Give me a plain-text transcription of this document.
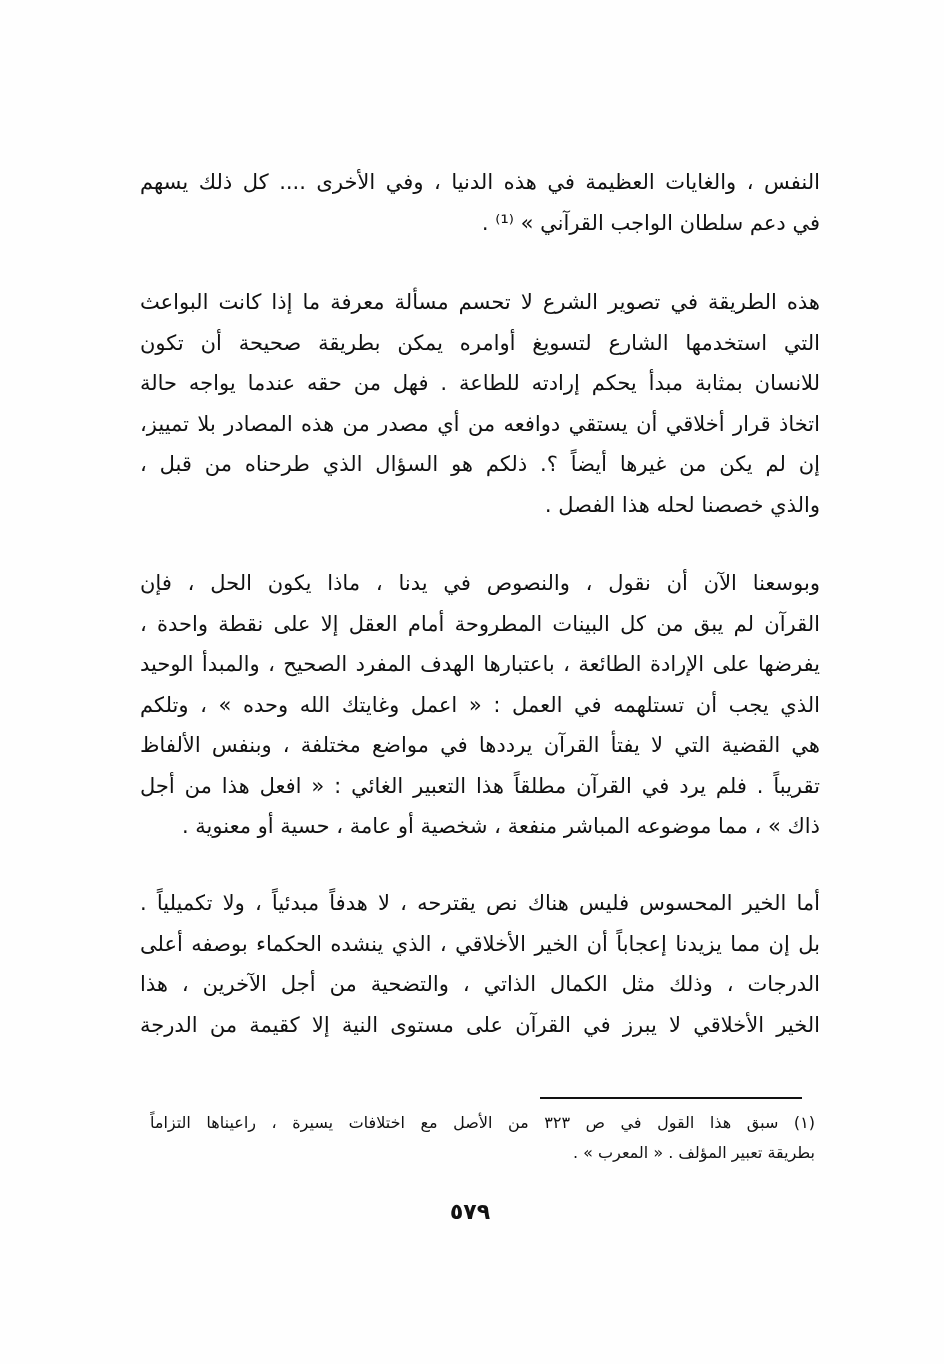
النفس ، والغايات العظيمة في هذه الدنيا ، وفي الأخرى .... كل ذلك يسهم
في دعم سلطان الواجب القرآني » ⁽¹⁾ .
هذه الطريقة في تصوير الشرع لا تحسم مسألة معرفة ما إذا كانت البواعث
التي استخدمها الشارع لتسويغ أوامره يمكن بطريقة صحيحة أن تكون
للانسان بمثابة مبدأ يحكم إرادته للطاعة . فهل من حقه عندما يواجه حالة
اتخاذ قرار أخلاقي أن يستقي دوافعه من أي مصدر من هذه المصادر بلا تمييز،
إن لم يكن من غيرها أيضاً ؟. ذلكم هو السؤال الذي طرحناه من قبل ،
والذي خصصنا لحله هذا الفصل .
وبوسعنا الآن أن نقول ، والنصوص في يدنا ، ماذا يكون الحل ، فإن
القرآن لم يبق من كل البينات المطروحة أمام العقل إلا على نقطة واحدة ،
يفرضها على الإرادة الطائعة ، باعتبارها الهدف المفرد الصحيح ، والمبدأ الوحيد
الذي يجب أن تستلهمه في العمل : « اعمل وغايتك الله وحده » ، وتلكم
هي القضية التي لا يفتأ القرآن يرددها في مواضع مختلفة ، وبنفس الألفاظ
تقريباً . فلم يرد في القرآن مطلقاً هذا التعبير الغائي : « افعل هذا من أجل
ذاك » ، مما موضوعه المباشر منفعة ، شخصية أو عامة ، حسية أو معنوية .
أما الخير المحسوس فليس هناك نص يقترحه ، لا هدفاً مبدئياً ، ولا تكميلياً .
بل إن مما يزيدنا إعجاباً أن الخير الأخلاقي ، الذي ينشده الحكماء بوصفه أعلى
الدرجات ، وذلك مثل الكمال الذاتي ، والتضحية من أجل الآخرين ، هذا
الخير الأخلاقي لا يبرز في القرآن على مستوى النية إلا كقيمة من الدرجة
(١) سبق هذا القول في ص ٣٢٣ من الأصل مع اختلافات يسيرة ، راعيناها التزاماً
بطريقة تعبير المؤلف . « المعرب » .
٥٧٩
